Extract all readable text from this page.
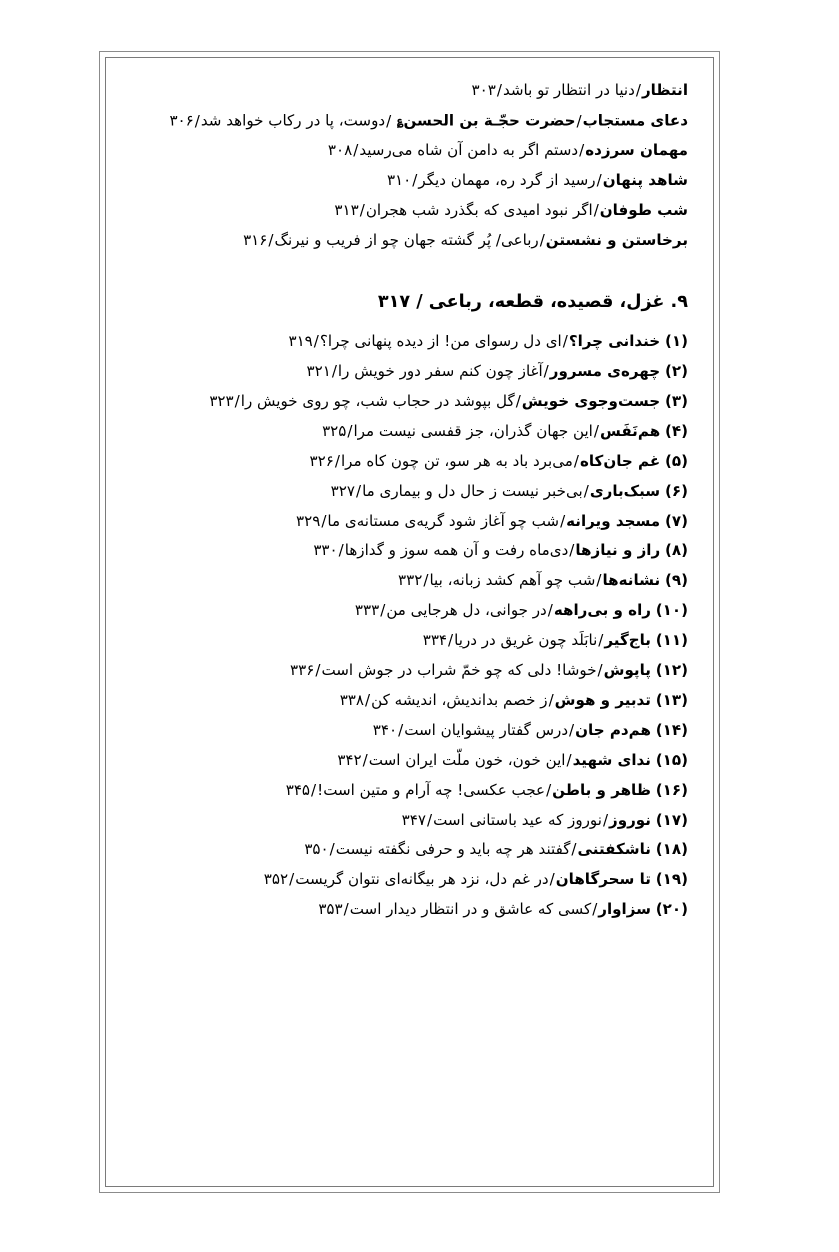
انتظار/دنیا در انتظار تو باشد/۳۰۳
دعای مستجاب/حضرت حجّـة بن الحسن؏ /دوست، پا در رکاب خواهد شد/۳۰۶
مهمان سرزده/دستم اگر به دامن آن شاه می‌رسید/۳۰۸
شاهد پنهان/رسید از گرد ره، مهمان دیگر/۳۱۰
شب طوفان/اگر نبود امیدی که بگذرد شب هجران/۳۱۳
برخاستن و نشستن/رباعی/ پُر گشته جهان چو از فریب و نیرنگ/۳۱۶
۹. غزل، قصیده، قطعه، رباعی / ۳۱۷
(۱) خندانی چرا؟/ای دل رسوای من! از دیده پنهانی چرا؟/۳۱۹
(۲) چهره‌ی مسرور/آغاز چون کنم سفر دور خویش را/۳۲۱
(۳) جست‌وجوی خویش/گل بپوشد در حجاب شب، چو روی خویش را/۳۲۳
(۴) هم‌نَفَس/این جهان گذران، جز قفسی نیست مرا/۳۲۵
(۵) غم جان‌کاه/می‌برد باد به هر سو، تن چون کاه مرا/۳۲۶
(۶) سبک‌باری/بی‌خبر نیست ز حال دل و بیماری ما/۳۲۷
(۷) مسجد ویرانه/شب چو آغاز شود گریه‌ی مستانه‌ی ما/۳۲۹
(۸) راز و نیازها/دی‌ماه رفت و آن همه سوز و گدازها/۳۳۰
(۹) نشانه‌ها/شب چو آهم کشد زبانه، بیا/۳۳۲
(۱۰) راه و بی‌راهه/در جوانی، دل هرجایی من/۳۳۳
(۱۱) باج‌گیر/نابَلَد چون غریق در دریا/۳۳۴
(۱۲) پاپوش/خوشا! دلی که چو خمّ شراب در جوش است/۳۳۶
(۱۳) تدبیر و هوش/ز خصم بداندیش، اندیشه کن/۳۳۸
(۱۴) هم‌دم جان/درس گفتار پیشوایان است/۳۴۰
(۱۵) ندای شهید/این خون، خون ملّت ایران است/۳۴۲
(۱۶) ظاهر و باطن/عجب عکسی! چه آرام و متین است!/۳۴۵
(۱۷) نوروز/نوروز که عید باستانی است/۳۴۷
(۱۸) ناشکفتنی/گفتند هر چه باید و حرفی نگفته نیست/۳۵۰
(۱۹) تا سحرگاهان/در غم دل، نزد هر بیگانه‌ای نتوان گریست/۳۵۲
(۲۰) سزاوار/کسی که عاشق و در انتظار دیدار است/۳۵۳
